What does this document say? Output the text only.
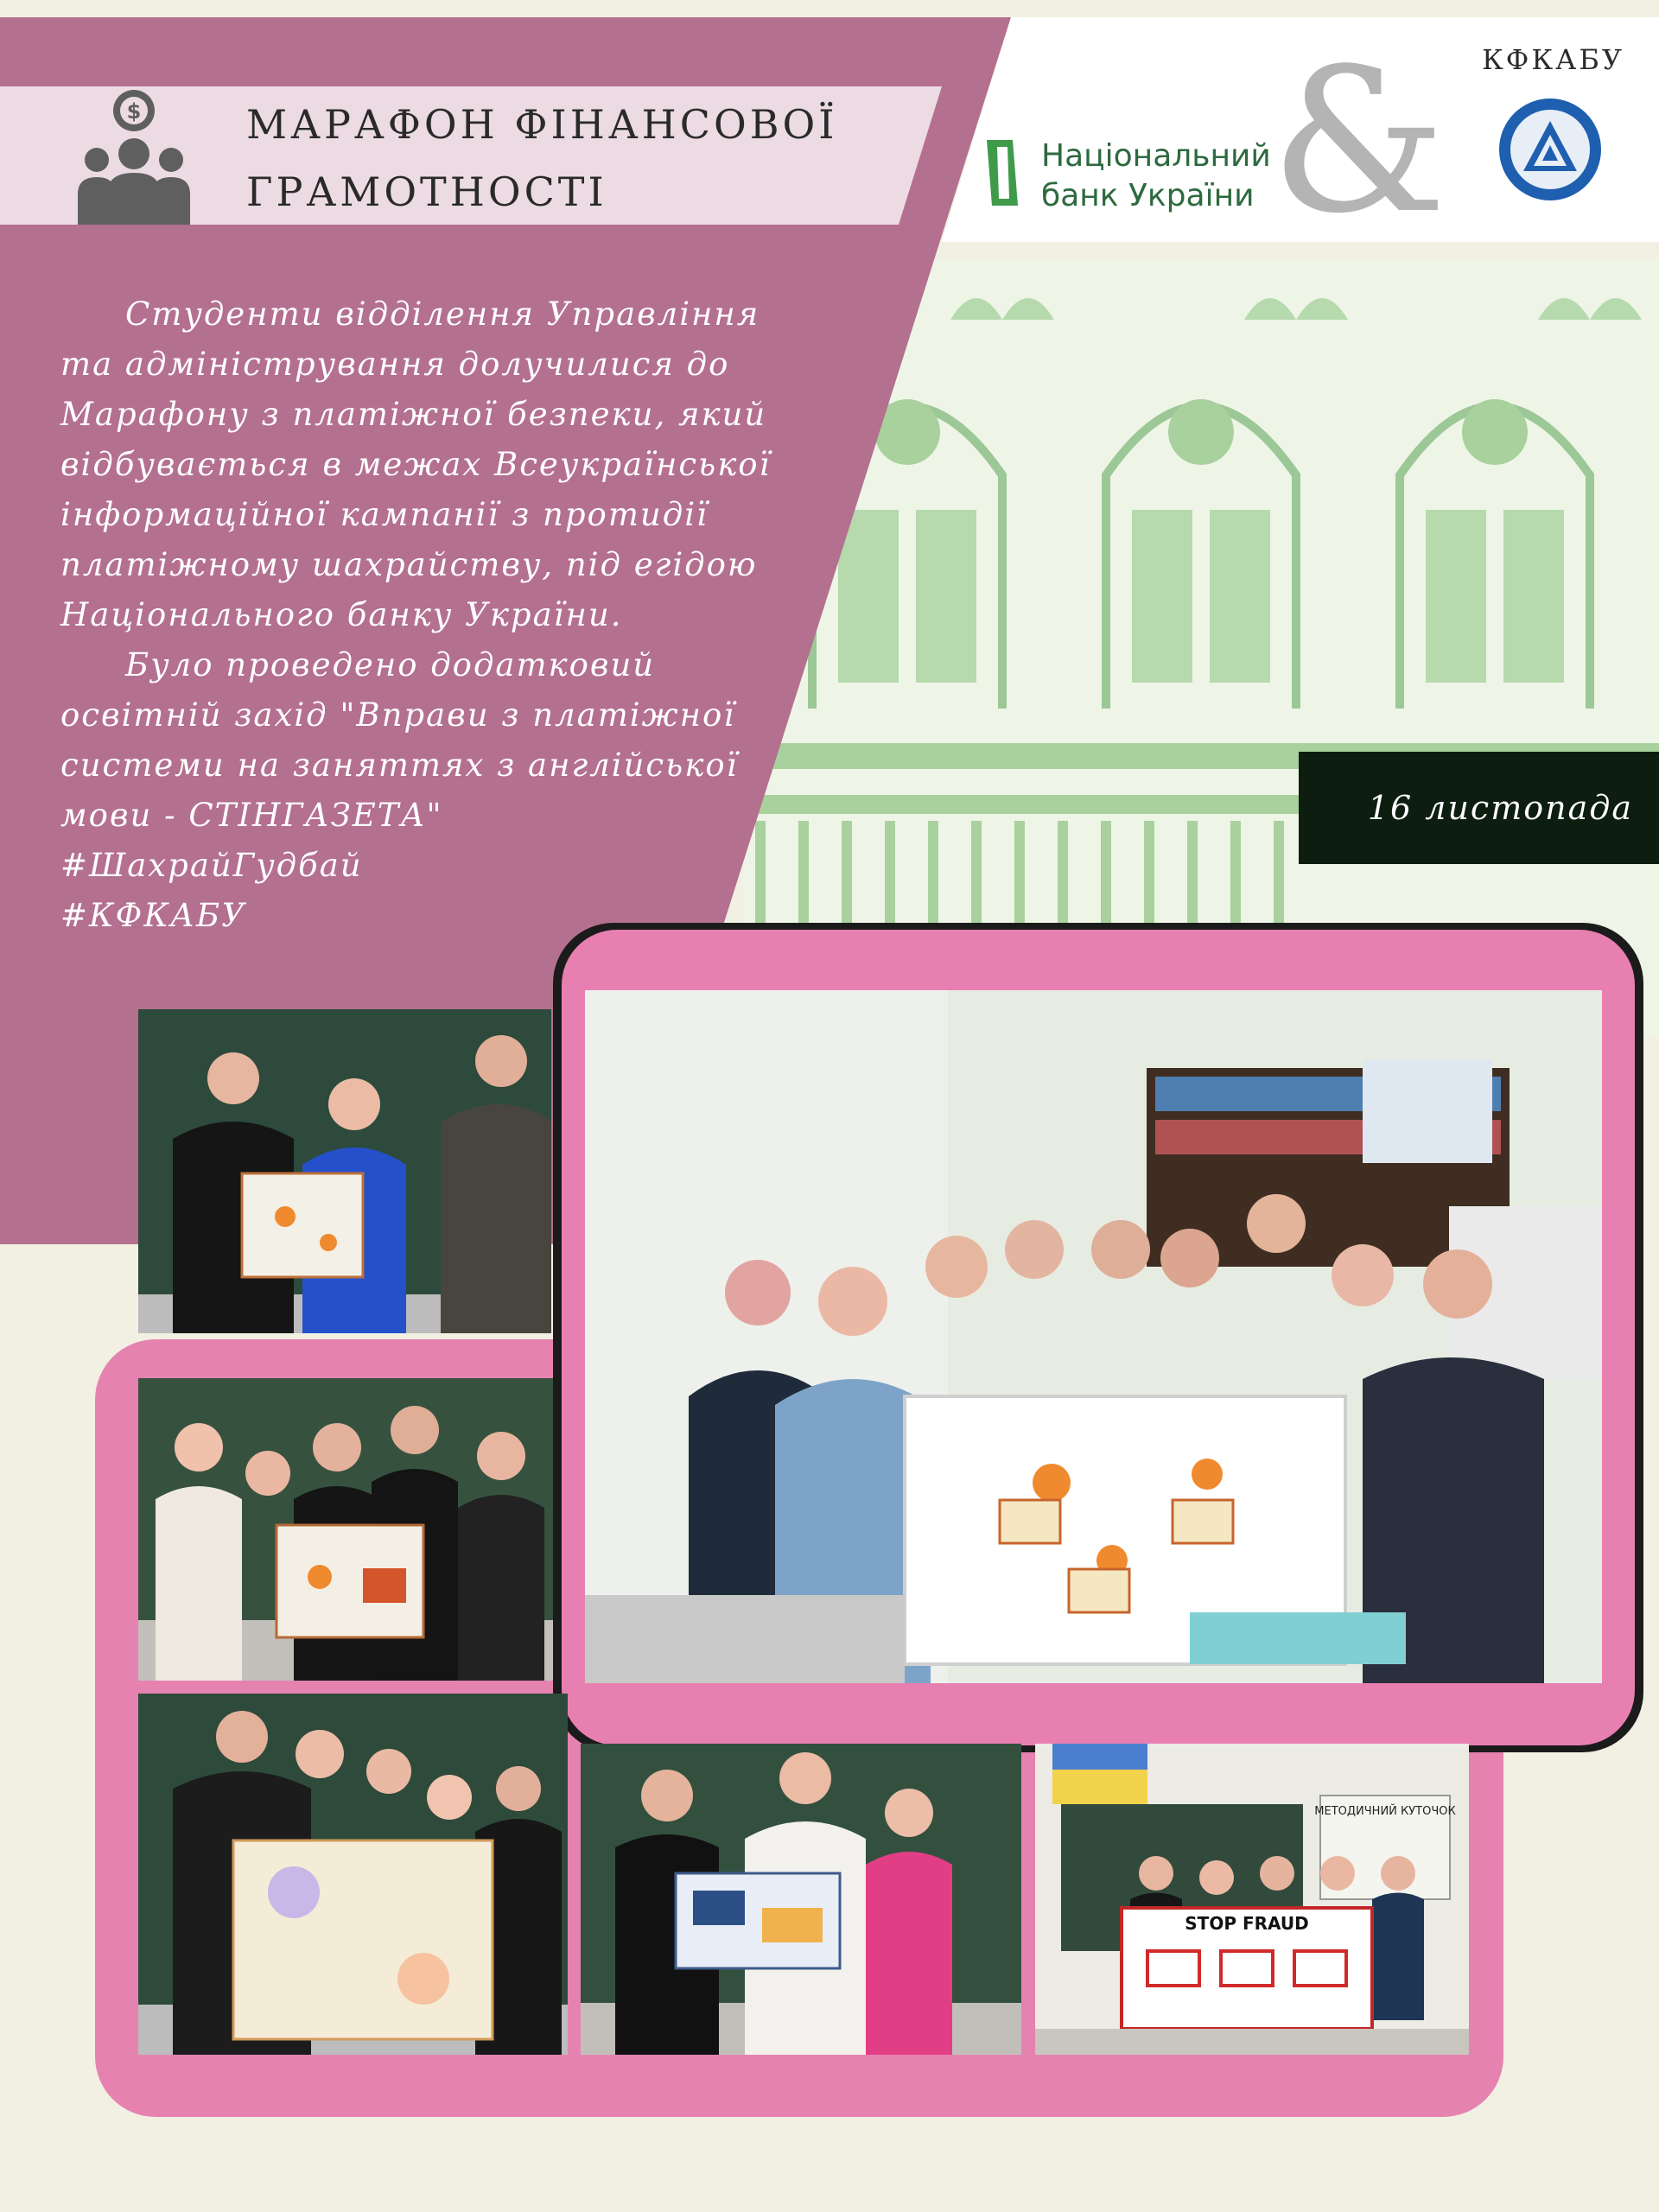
$	МАРАФОН ФІНАНСОВОЇ
ГРАМОТНОСТІ
КФКАБУ
Національний
банк України &

Студенти відділення Управління та адміністрування долучилися до Марафону з платіжної безпеки, який відбувається в межах Всеукраїнської інформаційної кампанії з протидії платіжному шахрайству, під егідою Національного банку України.

Було проведено додатковий освітній захід "Вправи з платіжної системи на заняттях з англійської мови - СТІНГАЗЕТА"

#ШахрайГудбай

#КФКАБУ

16 листопада
МЕТОДИЧНИЙ КУТОЧОК
STOP FRAUD
